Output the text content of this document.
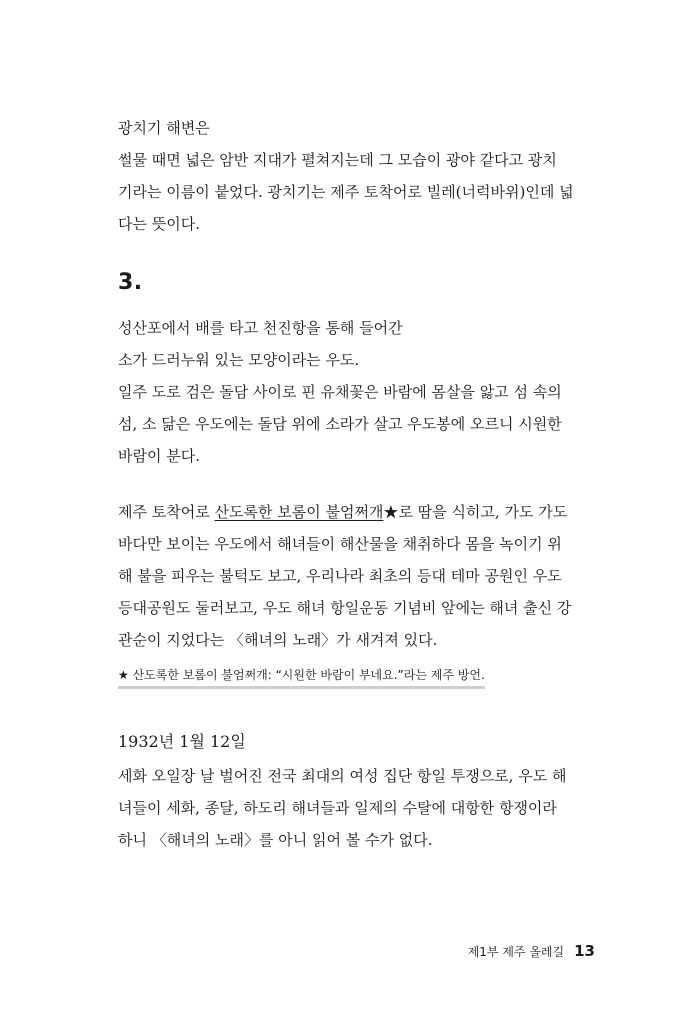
광치기 해변은

썰물 때면 넓은 암반 지대가 펼쳐지는데 그 모습이 광야 같다고 광치

기라는 이름이 붙었다. 광치기는 제주 토착어로 빌레(너럭바위)인데 넓

다는 뜻이다.

3.

성산포에서 배를 타고 천진항을 통해 들어간

소가 드러누워 있는 모양이라는 우도.

일주 도로 검은 돌담 사이로 핀 유채꽃은 바람에 몸살을 앓고 섬 속의

섬, 소 닮은 우도에는 돌담 위에 소라가 살고 우도봉에 오르니 시원한

바람이 분다.

제주 토착어로 산도록한 보롬이 불엄쩌개★로 땀을 식히고, 가도 가도

바다만 보이는 우도에서 해녀들이 해산물을 채취하다 몸을 녹이기 위

해 불을 피우는 불턱도 보고, 우리나라 최초의 등대 테마 공원인 우도

등대공원도 둘러보고, 우도 해녀 항일운동 기념비 앞에는 해녀 출신 강

관순이 지었다는 〈해녀의 노래〉가 새겨져 있다.

★ 산도록한 보롬이 불엄쩌개: “시원한 바람이 부네요.”라는 제주 방언.

1932년 1월 12일

세화 오일장 날 벌어진 전국 최대의 여성 집단 항일 투쟁으로, 우도 해

녀들이 세화, 종달, 하도리 해녀들과 일제의 수탈에 대항한 항쟁이라

하니 〈해녀의 노래〉를 아니 읽어 볼 수가 없다.

제1부 제주 올레길 13
